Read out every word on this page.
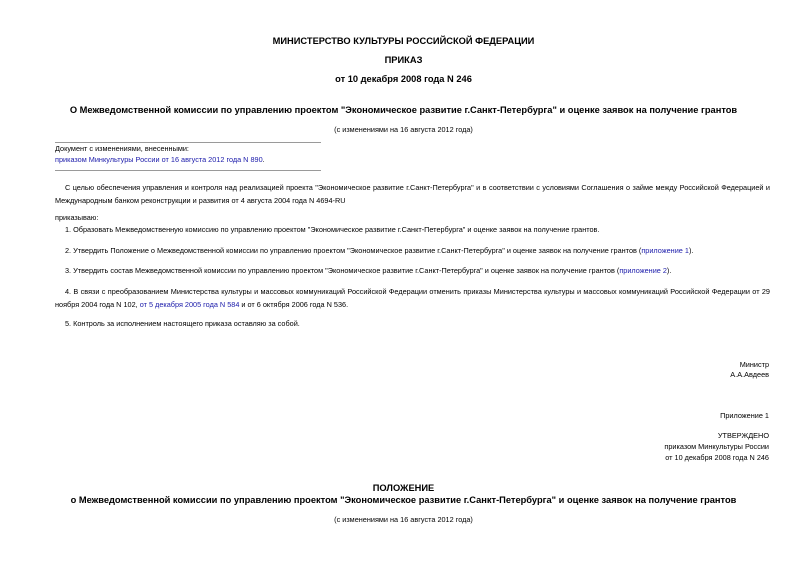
МИНИСТЕРСТВО КУЛЬТУРЫ РОССИЙСКОЙ ФЕДЕРАЦИИ

ПРИКАЗ

от 10 декабря 2008 года N 246

О Межведомственной комиссии по управлению проектом "Экономическое развитие г.Санкт-Петербурга" и оценке заявок на получение грантов

(с изменениями на 16 августа 2012 года)

Документ с изменениями, внесенными:

приказом Минкультуры России от 16 августа 2012 года N 890.

С целью обеспечения управления и контроля над реализацией проекта "Экономическое развитие г.Санкт-Петербурга" и в соответствии с условиями Соглашения о займе между Российской Федерацией и Международным банком реконструкции и развития от 4 августа 2004 года N 4694-RU

приказываю:

1. Образовать Межведомственную комиссию по управлению проектом "Экономическое развитие г.Санкт-Петербурга" и оценке заявок на получение грантов.

2. Утвердить Положение о Межведомственной комиссии по управлению проектом "Экономическое развитие г.Санкт-Петербурга" и оценке заявок на получение грантов (приложение 1).

3. Утвердить состав Межведомственной комиссии по управлению проектом "Экономическое развитие г.Санкт-Петербурга" и оценке заявок на получение грантов (приложение 2).

4. В связи с преобразованием Министерства культуры и массовых коммуникаций Российской Федерации отменить приказы Министерства культуры и массовых коммуникаций Российской Федерации от 29 ноября 2004 года N 102, от 5 декабря 2005 года N 584 и от 6 октября 2006 года N 536.

5. Контроль за исполнением настоящего приказа оставляю за собой.

Министр

А.А.Авдеев

Приложение 1

УТВЕРЖДЕНО

приказом Минкультуры России

от 10 декабря 2008 года N 246

ПОЛОЖЕНИЕ

о Межведомственной комиссии по управлению проектом "Экономическое развитие г.Санкт-Петербурга" и оценке заявок на получение грантов

(с изменениями на 16 августа 2012 года)
